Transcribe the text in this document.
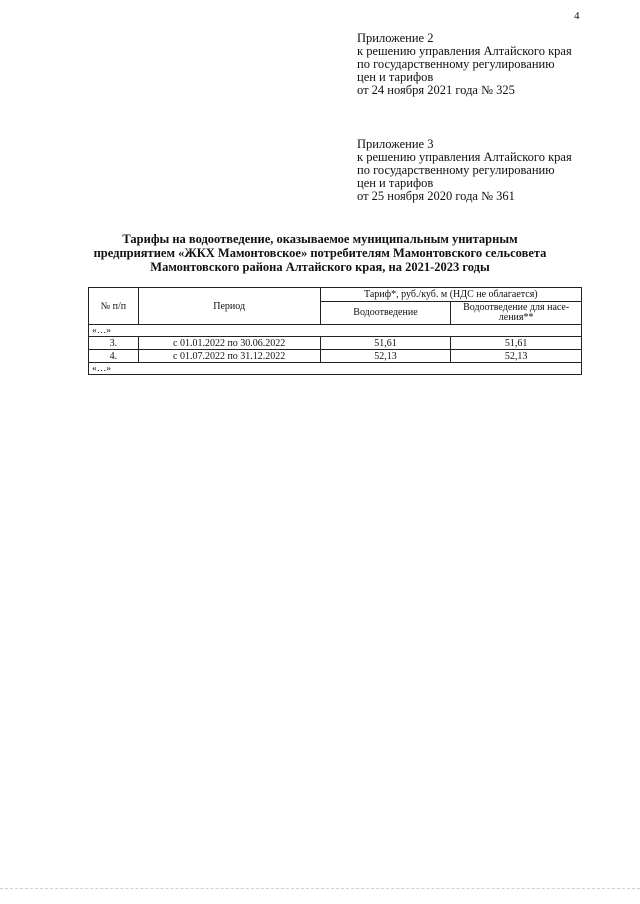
4
Приложение 2
к решению управления Алтайского края
по государственному регулированию
цен и тарифов
от 24 ноября 2021 года № 325
Приложение 3
к решению управления Алтайского края
по государственному регулированию
цен и тарифов
от 25 ноября 2020 года № 361
Тарифы на водоотведение, оказываемое муниципальным унитарным
предприятием «ЖКХ Мамонтовское» потребителям Мамонтовского сельсовета
Мамонтовского района Алтайского края, на 2021-2023 годы
№ п/п	Период	Тариф*, руб./куб. м (НДС не облагается)	
		Водоотведение	Водоотведение для насе-
ления**
«…»			
3.	с 01.01.2022 по 30.06.2022	51,61	51,61
4.	с 01.07.2022 по 31.12.2022	52,13	52,13
«…»			
